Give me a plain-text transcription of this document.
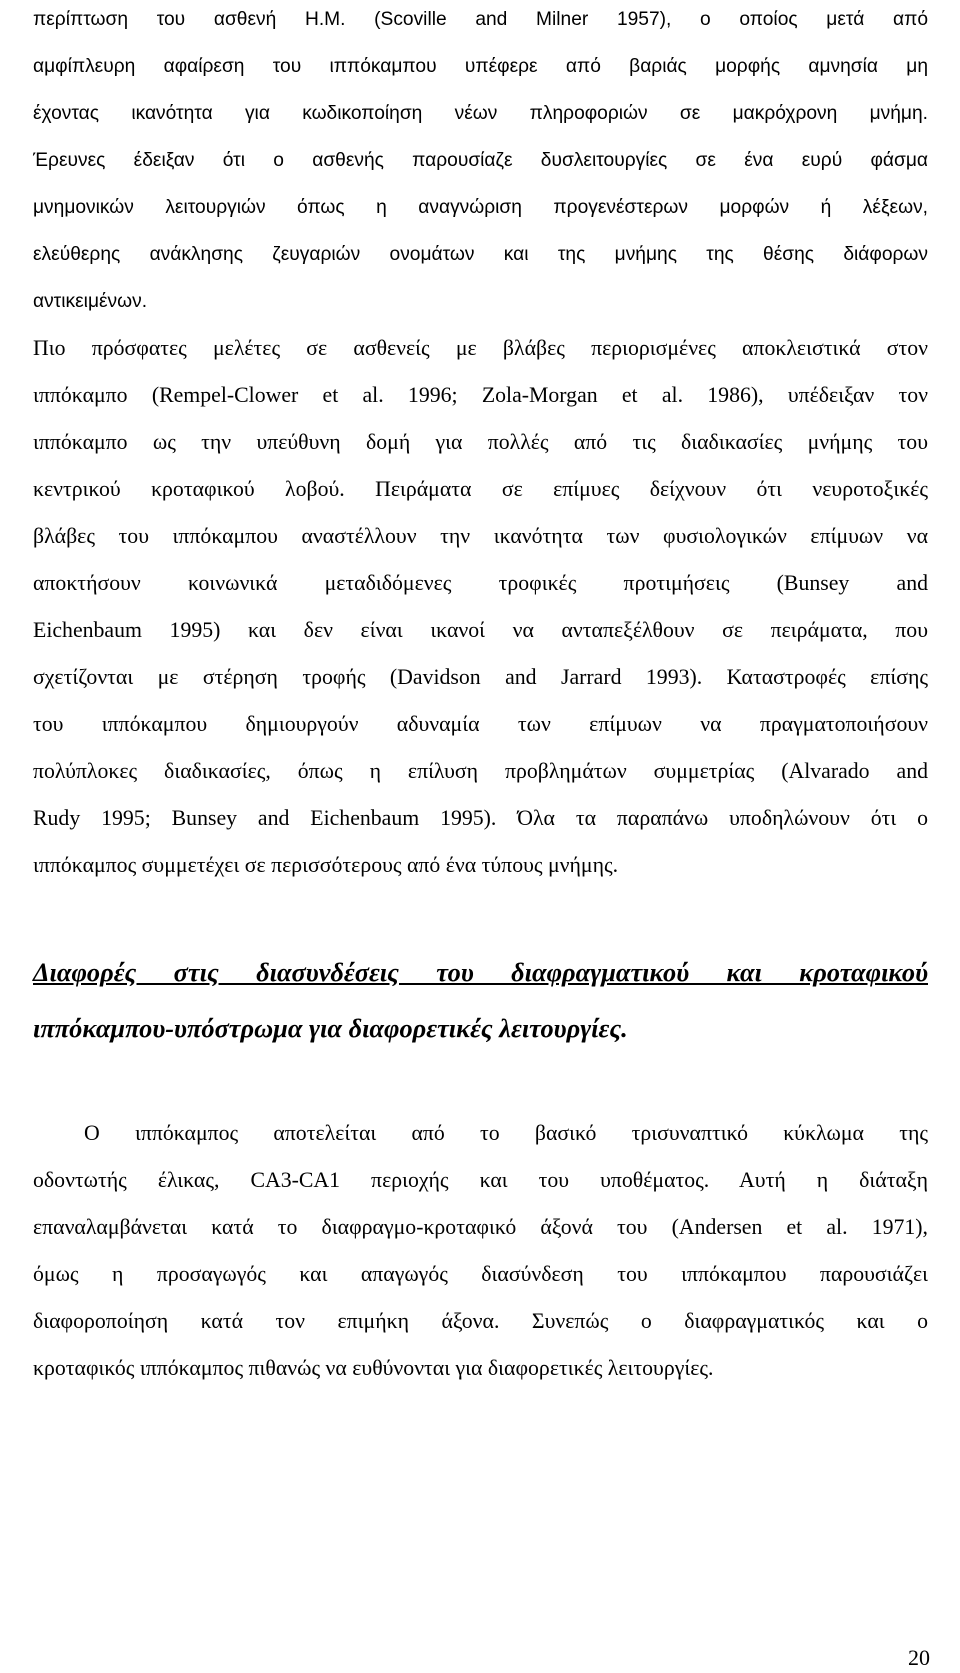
περίπτωση του ασθενή Η.Μ. (Scoville and Milner 1957), ο οποίος μετά από
αμφίπλευρη αφαίρεση του ιππόκαμπου υπέφερε από βαριάς μορφής αμνησία μη
έχοντας ικανότητα για κωδικοποίηση νέων πληροφοριών σε μακρόχρονη μνήμη.
Έρευνες έδειξαν ότι ο ασθενής παρουσίαζε δυσλειτουργίες σε ένα ευρύ φάσμα
μνημονικών λειτουργιών όπως η αναγνώριση προγενέστερων μορφών ή λέξεων,
ελεύθερης ανάκλησης ζευγαριών ονομάτων και της μνήμης της θέσης διάφορων
αντικειμένων.
Πιο πρόσφατες μελέτες σε ασθενείς με βλάβες περιορισμένες αποκλειστικά στον
ιππόκαμπο (Rempel-Clower et al. 1996; Zola-Morgan et al. 1986), υπέδειξαν τον
ιππόκαμπο ως την υπεύθυνη δομή για πολλές από τις διαδικασίες μνήμης του
κεντρικού κροταφικού λοβού. Πειράματα σε επίμυες δείχνουν ότι νευροτοξικές
βλάβες του ιππόκαμπου αναστέλλουν την ικανότητα των φυσιολογικών επίμυων να
αποκτήσουν κοινωνικά μεταδιδόμενες τροφικές προτιμήσεις (Bunsey and
Eichenbaum 1995) και δεν είναι ικανοί να ανταπεξέλθουν σε πειράματα, που
σχετίζονται με στέρηση τροφής (Davidson and Jarrard 1993). Καταστροφές επίσης
του ιππόκαμπου δημιουργούν αδυναμία των επίμυων να πραγματοποιήσουν
πολύπλοκες διαδικασίες, όπως η επίλυση προβλημάτων συμμετρίας (Alvarado and
Rudy 1995; Bunsey and Eichenbaum 1995). Όλα τα παραπάνω υποδηλώνουν ότι ο
ιππόκαμπος συμμετέχει σε περισσότερους από ένα τύπους μνήμης.
Διαφορές στις διασυνδέσεις του διαφραγματικού και κροταφικού
ιππόκαμπου-υπόστρωμα για διαφορετικές λειτουργίες.
Ο ιππόκαμπος αποτελείται από το βασικό τρισυναπτικό κύκλωμα της
οδοντωτής έλικας, CA3-CA1 περιοχής και του υποθέματος. Αυτή η διάταξη
επαναλαμβάνεται κατά το διαφραγμο-κροταφικό άξονά του (Andersen et al. 1971),
όμως η προσαγωγός και απαγωγός διασύνδεση του ιππόκαμπου παρουσιάζει
διαφοροποίηση κατά τον επιμήκη άξονα. Συνεπώς ο διαφραγματικός και ο
κροταφικός ιππόκαμπος πιθανώς να ευθύνονται για διαφορετικές λειτουργίες.
20
